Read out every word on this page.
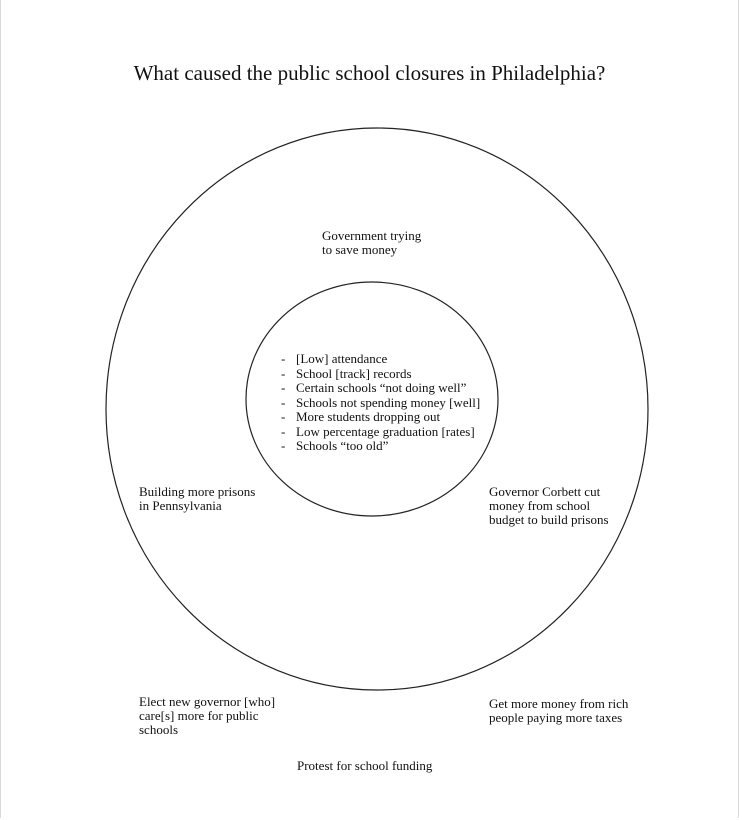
What caused the public school closures in Philadelphia?
- [Low] attendance
- School [track] records
- Certain schools “not doing well”
- Schools not spending money [well]
- More students dropping out
- Low percentage graduation [rates]
- Schools “too old”
Government trying
to save money
Building more prisons
in Pennsylvania
Governor Corbett cut
money from school
budget to build prisons
Elect new governor [who]
care[s] more for public
schools
Get more money from rich
people paying more taxes
Protest for school funding
